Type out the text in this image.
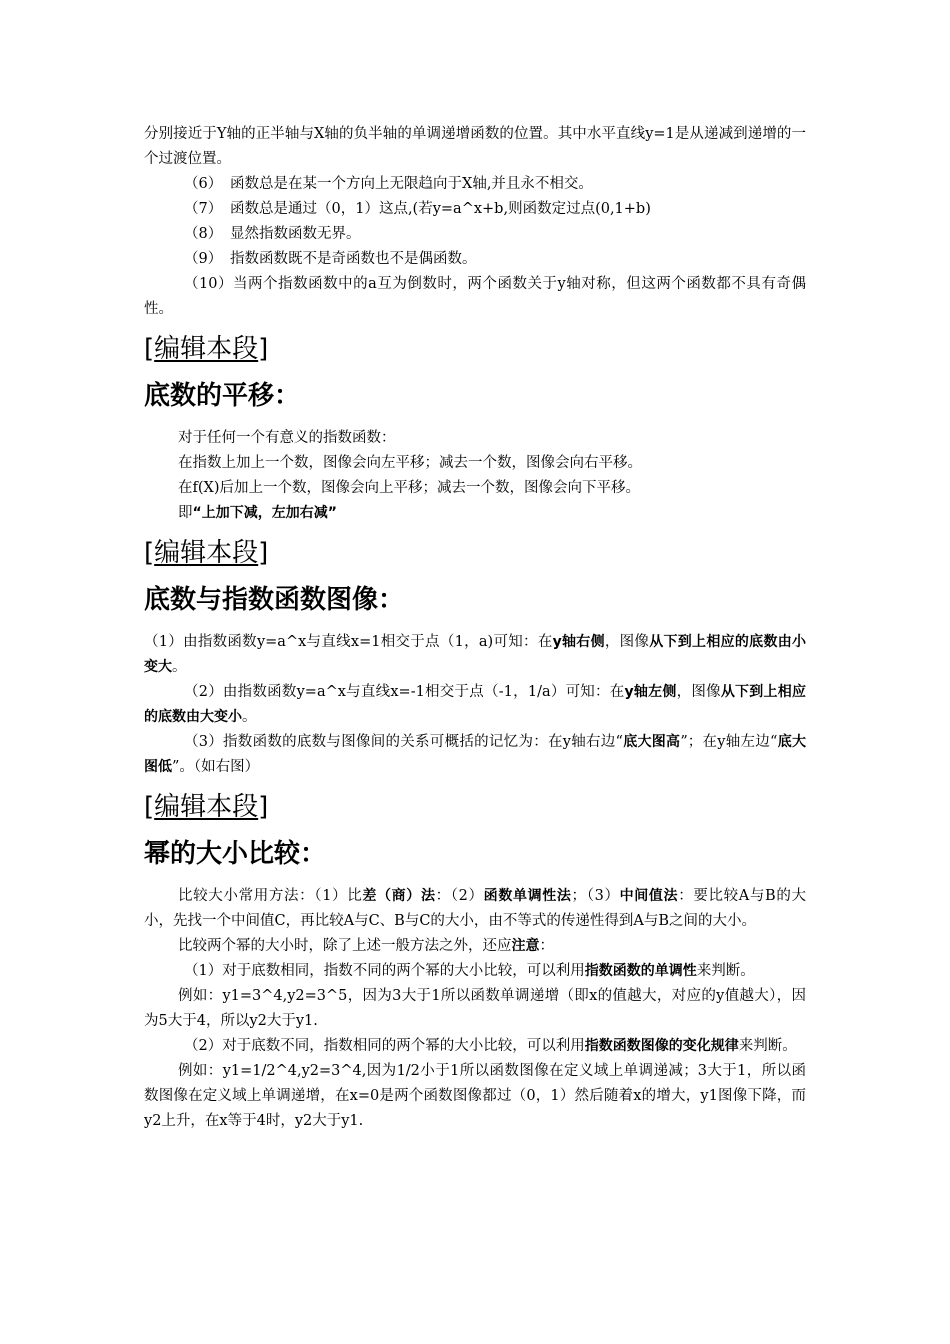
分别接近于Y轴的正半轴与X轴的负半轴的单调递增函数的位置。其中水平直线y=1是从递减到递增的一个过渡位置。

（6） 函数总是在某一个方向上无限趋向于X轴,并且永不相交。

（7） 函数总是通过（0，1）这点,(若y=a^x+b,则函数定过点(0,1+b)

（8） 显然指数函数无界。

（9） 指数函数既不是奇函数也不是偶函数。

（10）当两个指数函数中的a互为倒数时，两个函数关于y轴对称，但这两个函数都不具有奇偶性。

[编辑本段]
底数的平移：

对于任何一个有意义的指数函数：

在指数上加上一个数，图像会向左平移；减去一个数，图像会向右平移。

在f(X)后加上一个数，图像会向上平移；减去一个数，图像会向下平移。

即“上加下减，左加右减”

[编辑本段]
底数与指数函数图像：

（1）由指数函数y=a^x与直线x=1相交于点（1，a)可知：在y轴右侧，图像从下到上相应的底数由小变大。

（2）由指数函数y=a^x与直线x=-1相交于点（-1，1/a）可知：在y轴左侧，图像从下到上相应的底数由大变小。

（3）指数函数的底数与图像间的关系可概括的记忆为：在y轴右边“底大图高”；在y轴左边“底大图低”。（如右图）

[编辑本段]
幂的大小比较：

比较大小常用方法：（1）比差（商）法：（2）函数单调性法；（3）中间值法：要比较A与B的大小，先找一个中间值C，再比较A与C、B与C的大小，由不等式的传递性得到A与B之间的大小。

比较两个幂的大小时，除了上述一般方法之外，还应注意：

（1）对于底数相同，指数不同的两个幂的大小比较，可以利用指数函数的单调性来判断。

例如：y1=3^4,y2=3^5，因为3大于1所以函数单调递增（即x的值越大，对应的y值越大），因为5大于4，所以y2大于y1.

（2）对于底数不同，指数相同的两个幂的大小比较，可以利用指数函数图像的变化规律来判断。

例如：y1=1/2^4,y2=3^4,因为1/2小于1所以函数图像在定义域上单调递减；3大于1，所以函数图像在定义域上单调递增，在x=0是两个函数图像都过（0，1）然后随着x的增大，y1图像下降，而y2上升，在x等于4时，y2大于y1.
